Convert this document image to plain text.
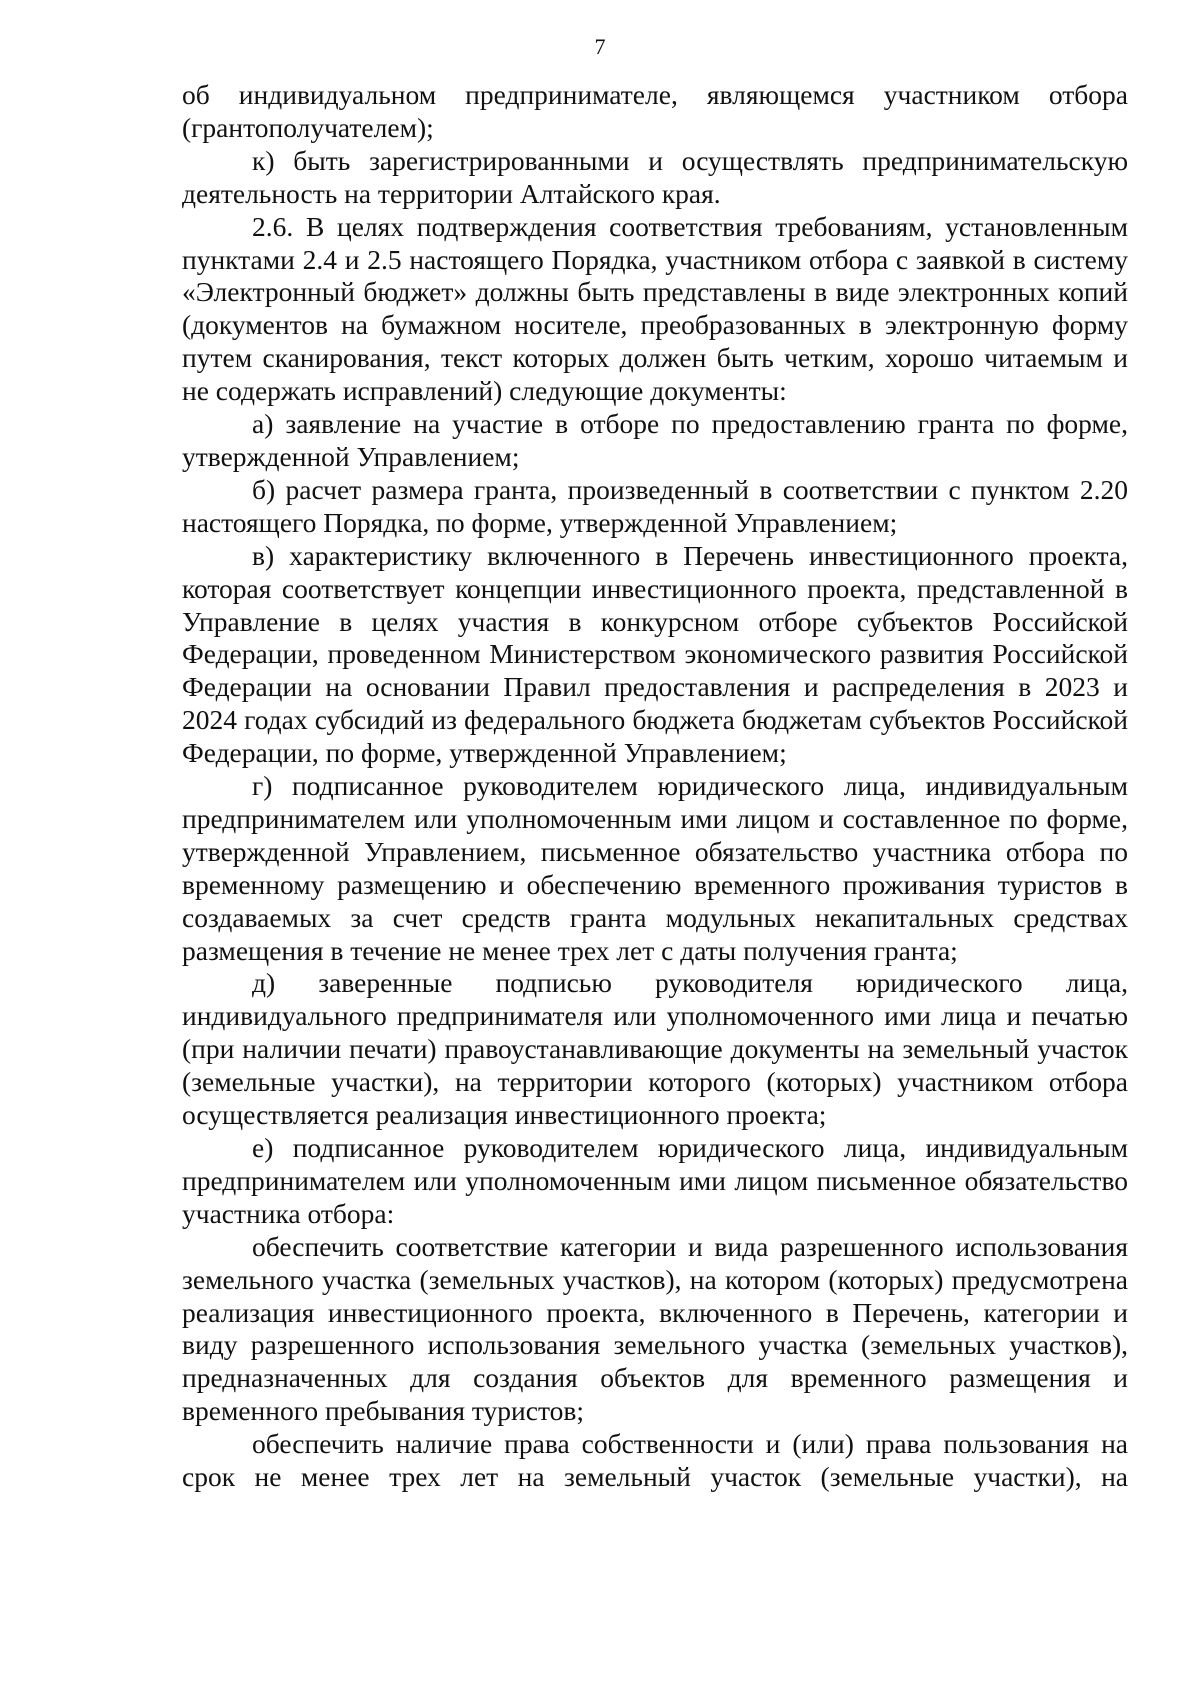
7

об индивидуальном предпринимателе, являющемся участником отбора (грантополучателем);

к) быть зарегистрированными и осуществлять предпринимательскую деятельность на территории Алтайского края.

2.6. В целях подтверждения соответствия требованиям, установленным пунктами 2.4 и 2.5 настоящего Порядка, участником отбора с заявкой в систему «Электронный бюджет» должны быть представлены в виде электронных копий (документов на бумажном носителе, преобразованных в электронную форму путем сканирования, текст которых должен быть четким, хорошо читаемым и не содержать исправлений) следующие документы:

а) заявление на участие в отборе по предоставлению гранта по форме, утвержденной Управлением;

б) расчет размера гранта, произведенный в соответствии с пунктом 2.20 настоящего Порядка, по форме, утвержденной Управлением;

в) характеристику включенного в Перечень инвестиционного проекта, которая соответствует концепции инвестиционного проекта, представленной в Управление в целях участия в конкурсном отборе субъектов Российской Федерации, проведенном Министерством экономического развития Российской Федерации на основании Правил предоставления и распределения в 2023 и 2024 годах субсидий из федерального бюджета бюджетам субъектов Российской Федерации, по форме, утвержденной Управлением;

г) подписанное руководителем юридического лица, индивидуальным предпринимателем или уполномоченным ими лицом и составленное по форме, утвержденной Управлением, письменное обязательство участника отбора по временному размещению и обеспечению временного проживания туристов в создаваемых за счет средств гранта модульных некапитальных средствах размещения в течение не менее трех лет с даты получения гранта;

д) заверенные подписью руководителя юридического лица, индивидуального предпринимателя или уполномоченного ими лица и печатью (при наличии печати) правоустанавливающие документы на земельный участок (земельные участки), на территории которого (которых) участником отбора осуществляется реализация инвестиционного проекта;

е) подписанное руководителем юридического лица, индивидуальным предпринимателем или уполномоченным ими лицом письменное обязательство участника отбора:

обеспечить соответствие категории и вида разрешенного использования земельного участка (земельных участков), на котором (которых) предусмотрена реализация инвестиционного проекта, включенного в Перечень, категории и виду разрешенного использования земельного участка (земельных участков), предназначенных для создания объектов для временного размещения и временного пребывания туристов;

обеспечить наличие права собственности и (или) права пользования на срок не менее трех лет на земельный участок (земельные участки), на
